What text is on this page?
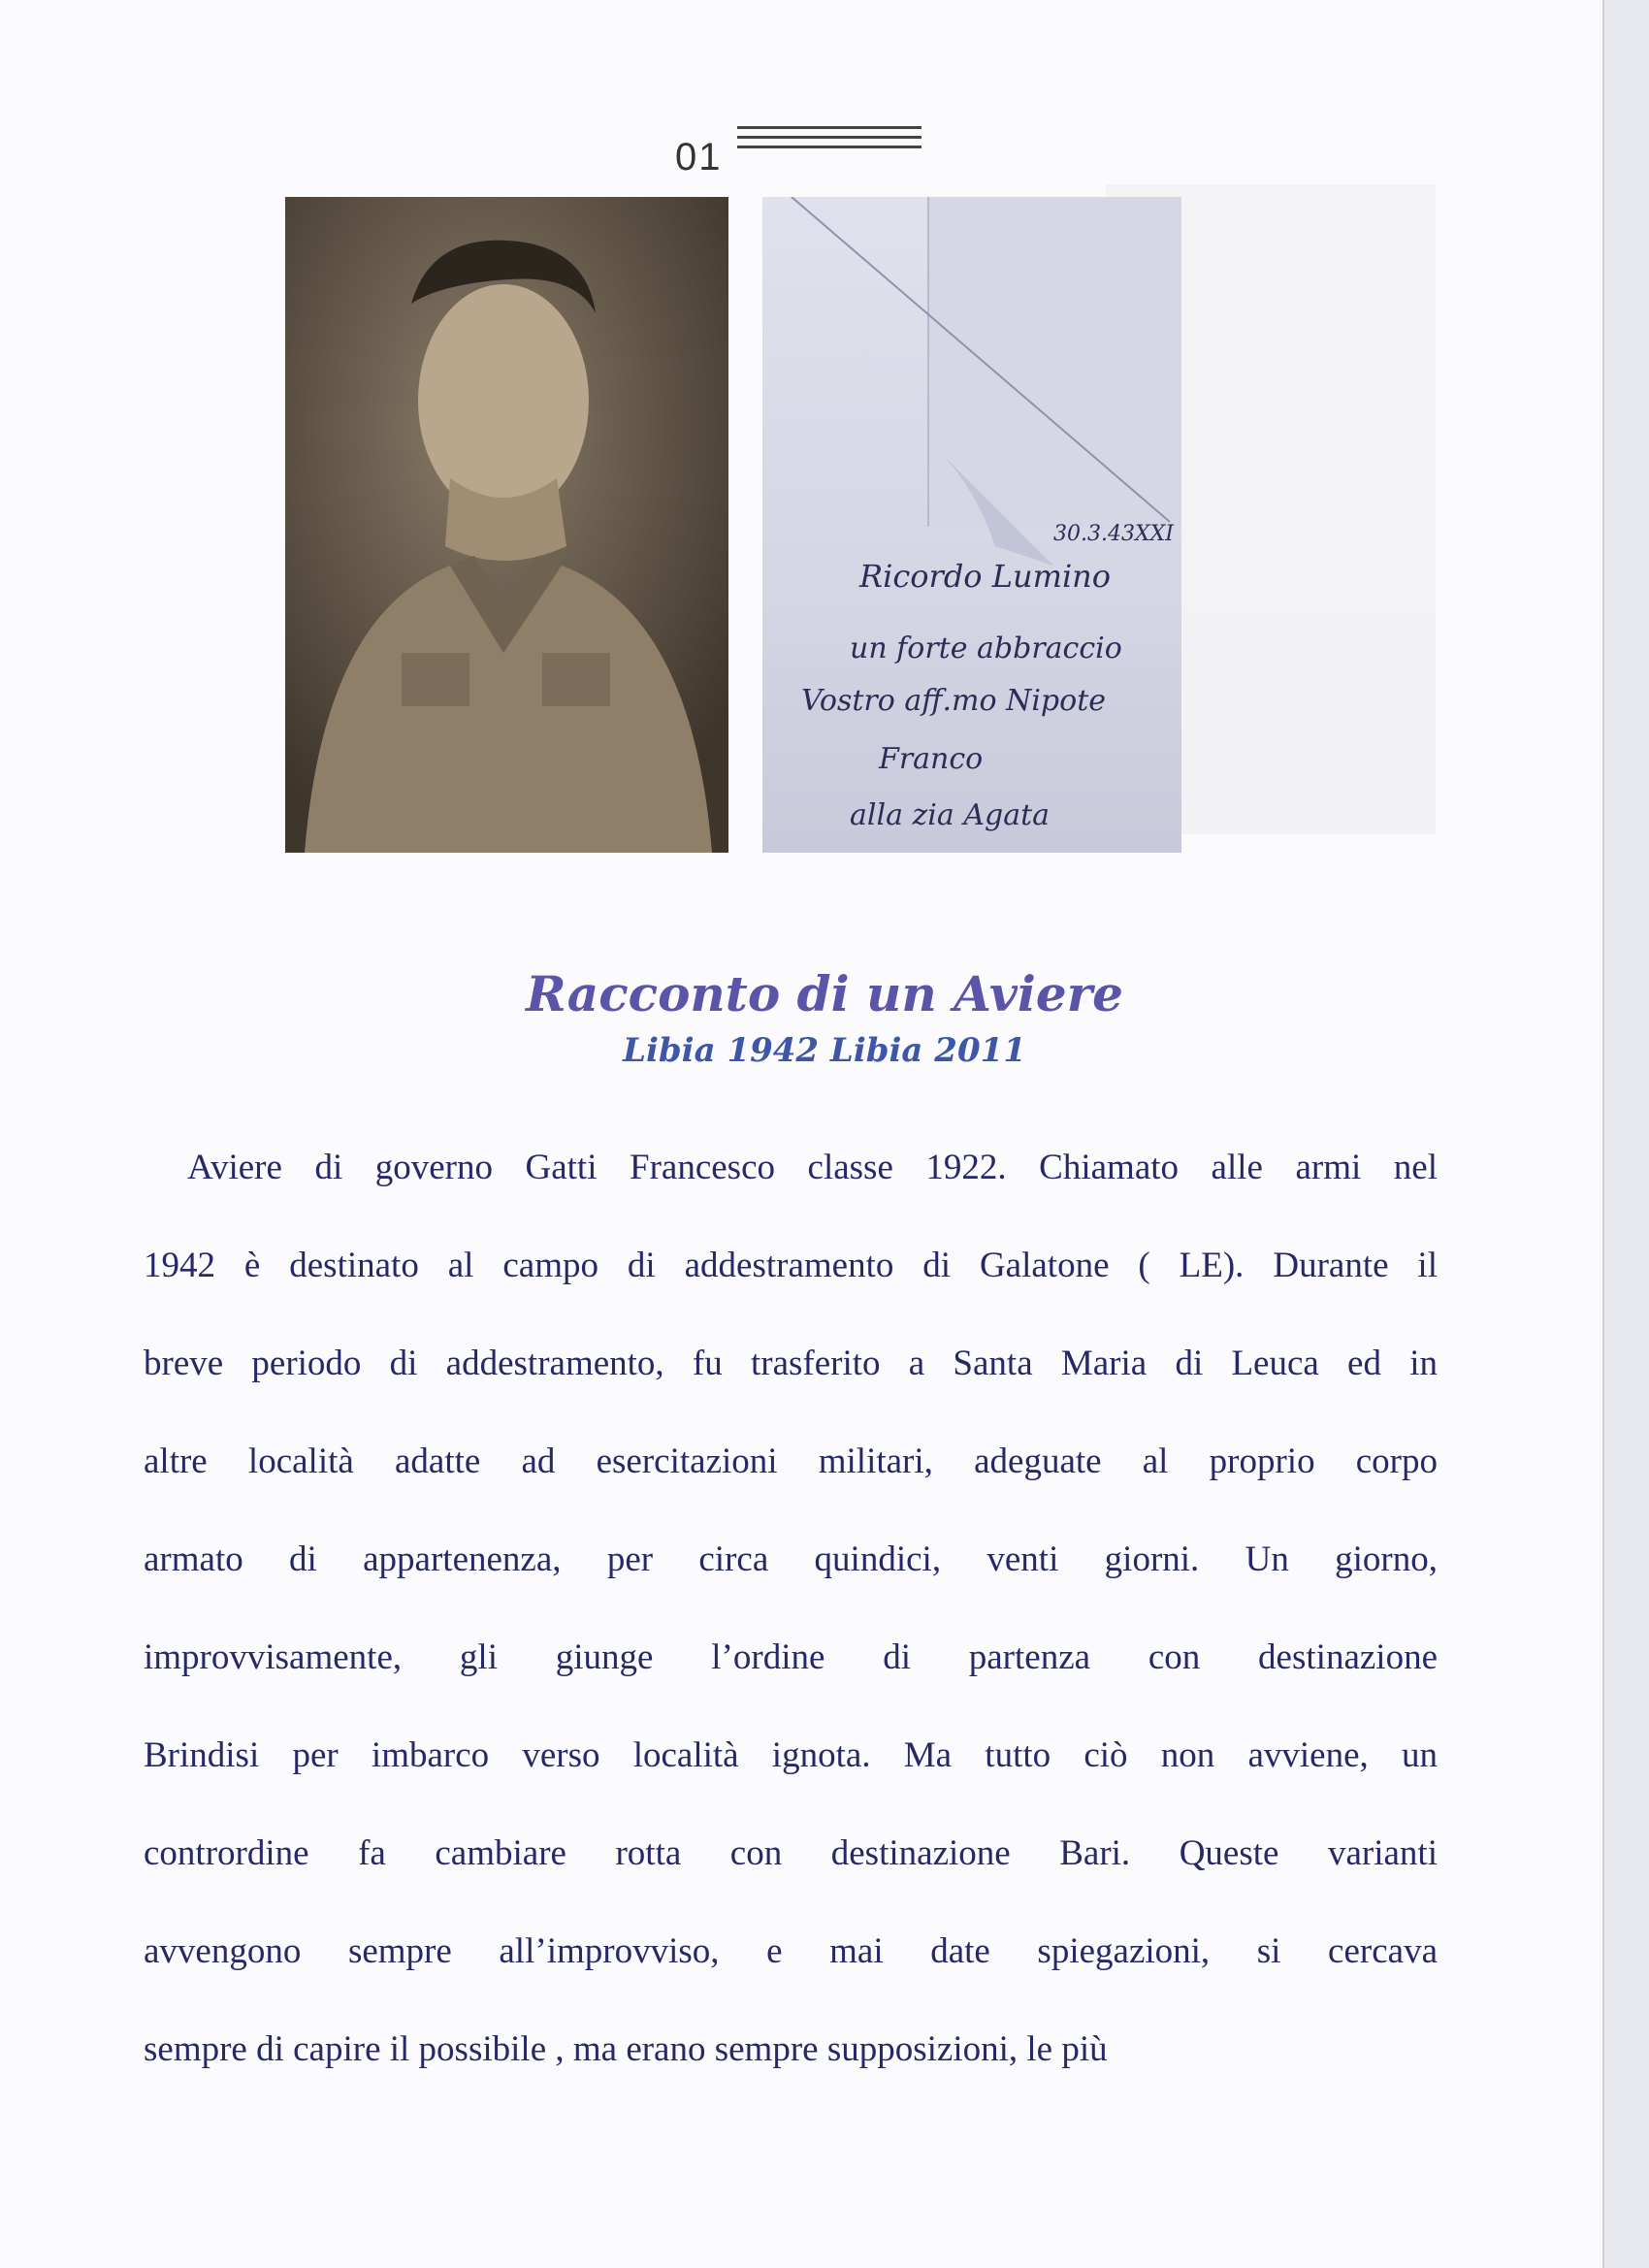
01
30.3.43XXI
Ricordo Lumino
un forte abbraccio
Vostro aff.mo Nipote
Franco
alla zia Agata
Racconto di un Aviere
Libia 1942 Libia 2011
Aviere di governo Gatti Francesco classe 1922. Chiamato alle armi nel
1942 è destinato al campo di addestramento di Galatone ( LE). Durante il
breve periodo di addestramento, fu trasferito a Santa Maria di Leuca ed in
altre località adatte ad esercitazioni militari, adeguate al proprio corpo
armato di appartenenza, per circa quindici, venti giorni. Un giorno,
improvvisamente, gli giunge l’ordine di partenza con destinazione
Brindisi per imbarco verso località ignota. Ma tutto ciò non avviene, un
contrordine fa cambiare rotta con destinazione Bari. Queste varianti
avvengono sempre all’improvviso, e mai date spiegazioni, si cercava
sempre di capire il possibile , ma erano sempre supposizioni, le più
